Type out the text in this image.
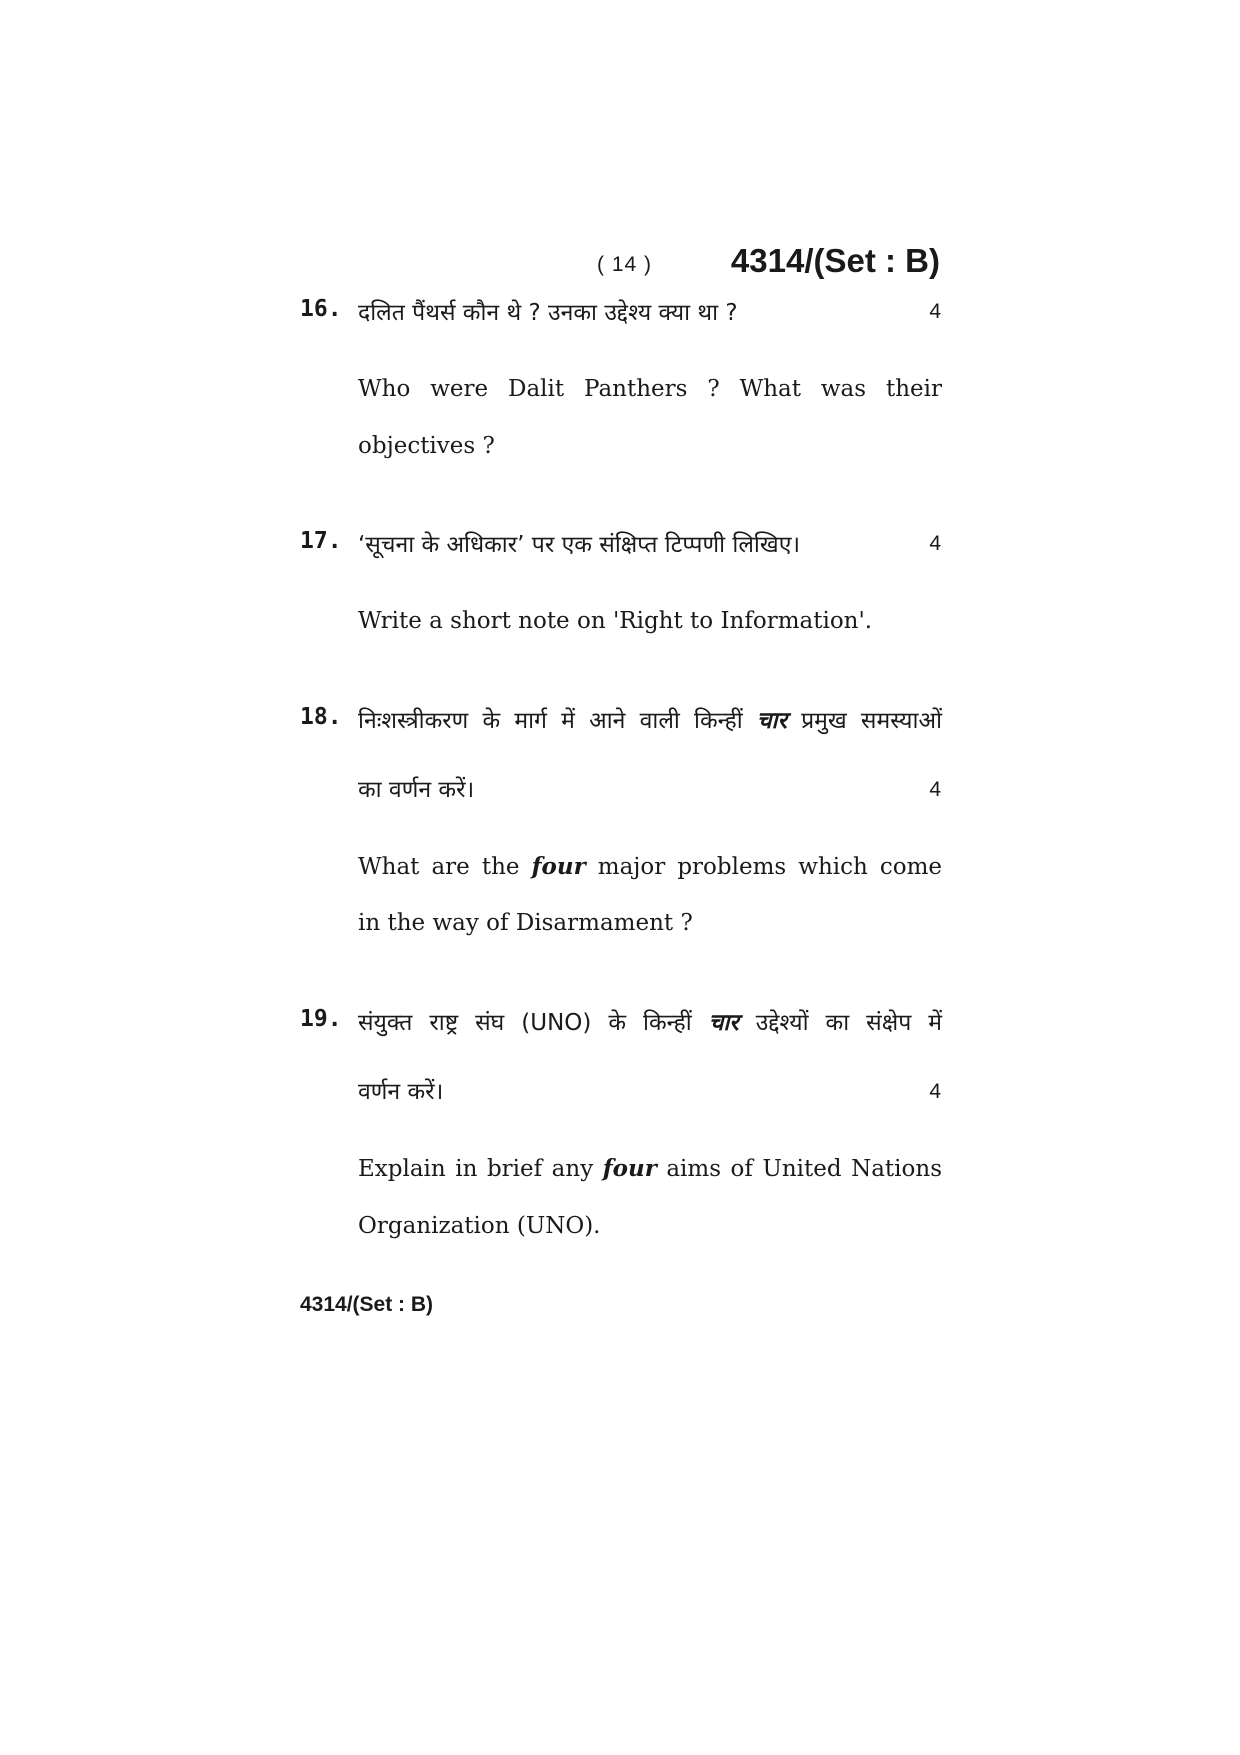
( 14 ) 4314/(Set : B)
16. दलित पैंथर्स कौन थे ? उनका उद्देश्य क्या था ?	4
Who were Dalit Panthers ? What was their
objectives ?
17. ‘सूचना के अधिकार’ पर एक संक्षिप्त टिप्पणी लिखिए।	4
Write a short note on 'Right to Information'.
18. निःशस्त्रीकरण के मार्ग में आने वाली किन्हीं चार प्रमुख समस्याओं
का वर्णन करें।	4
What are the four major problems which come
in the way of Disarmament ?
19. संयुक्त राष्ट्र संघ (UNO) के किन्हीं चार उद्देश्यों का संक्षेप में
वर्णन करें।	4
Explain in brief any four aims of United Nations
Organization (UNO).
4314/(Set : B)
